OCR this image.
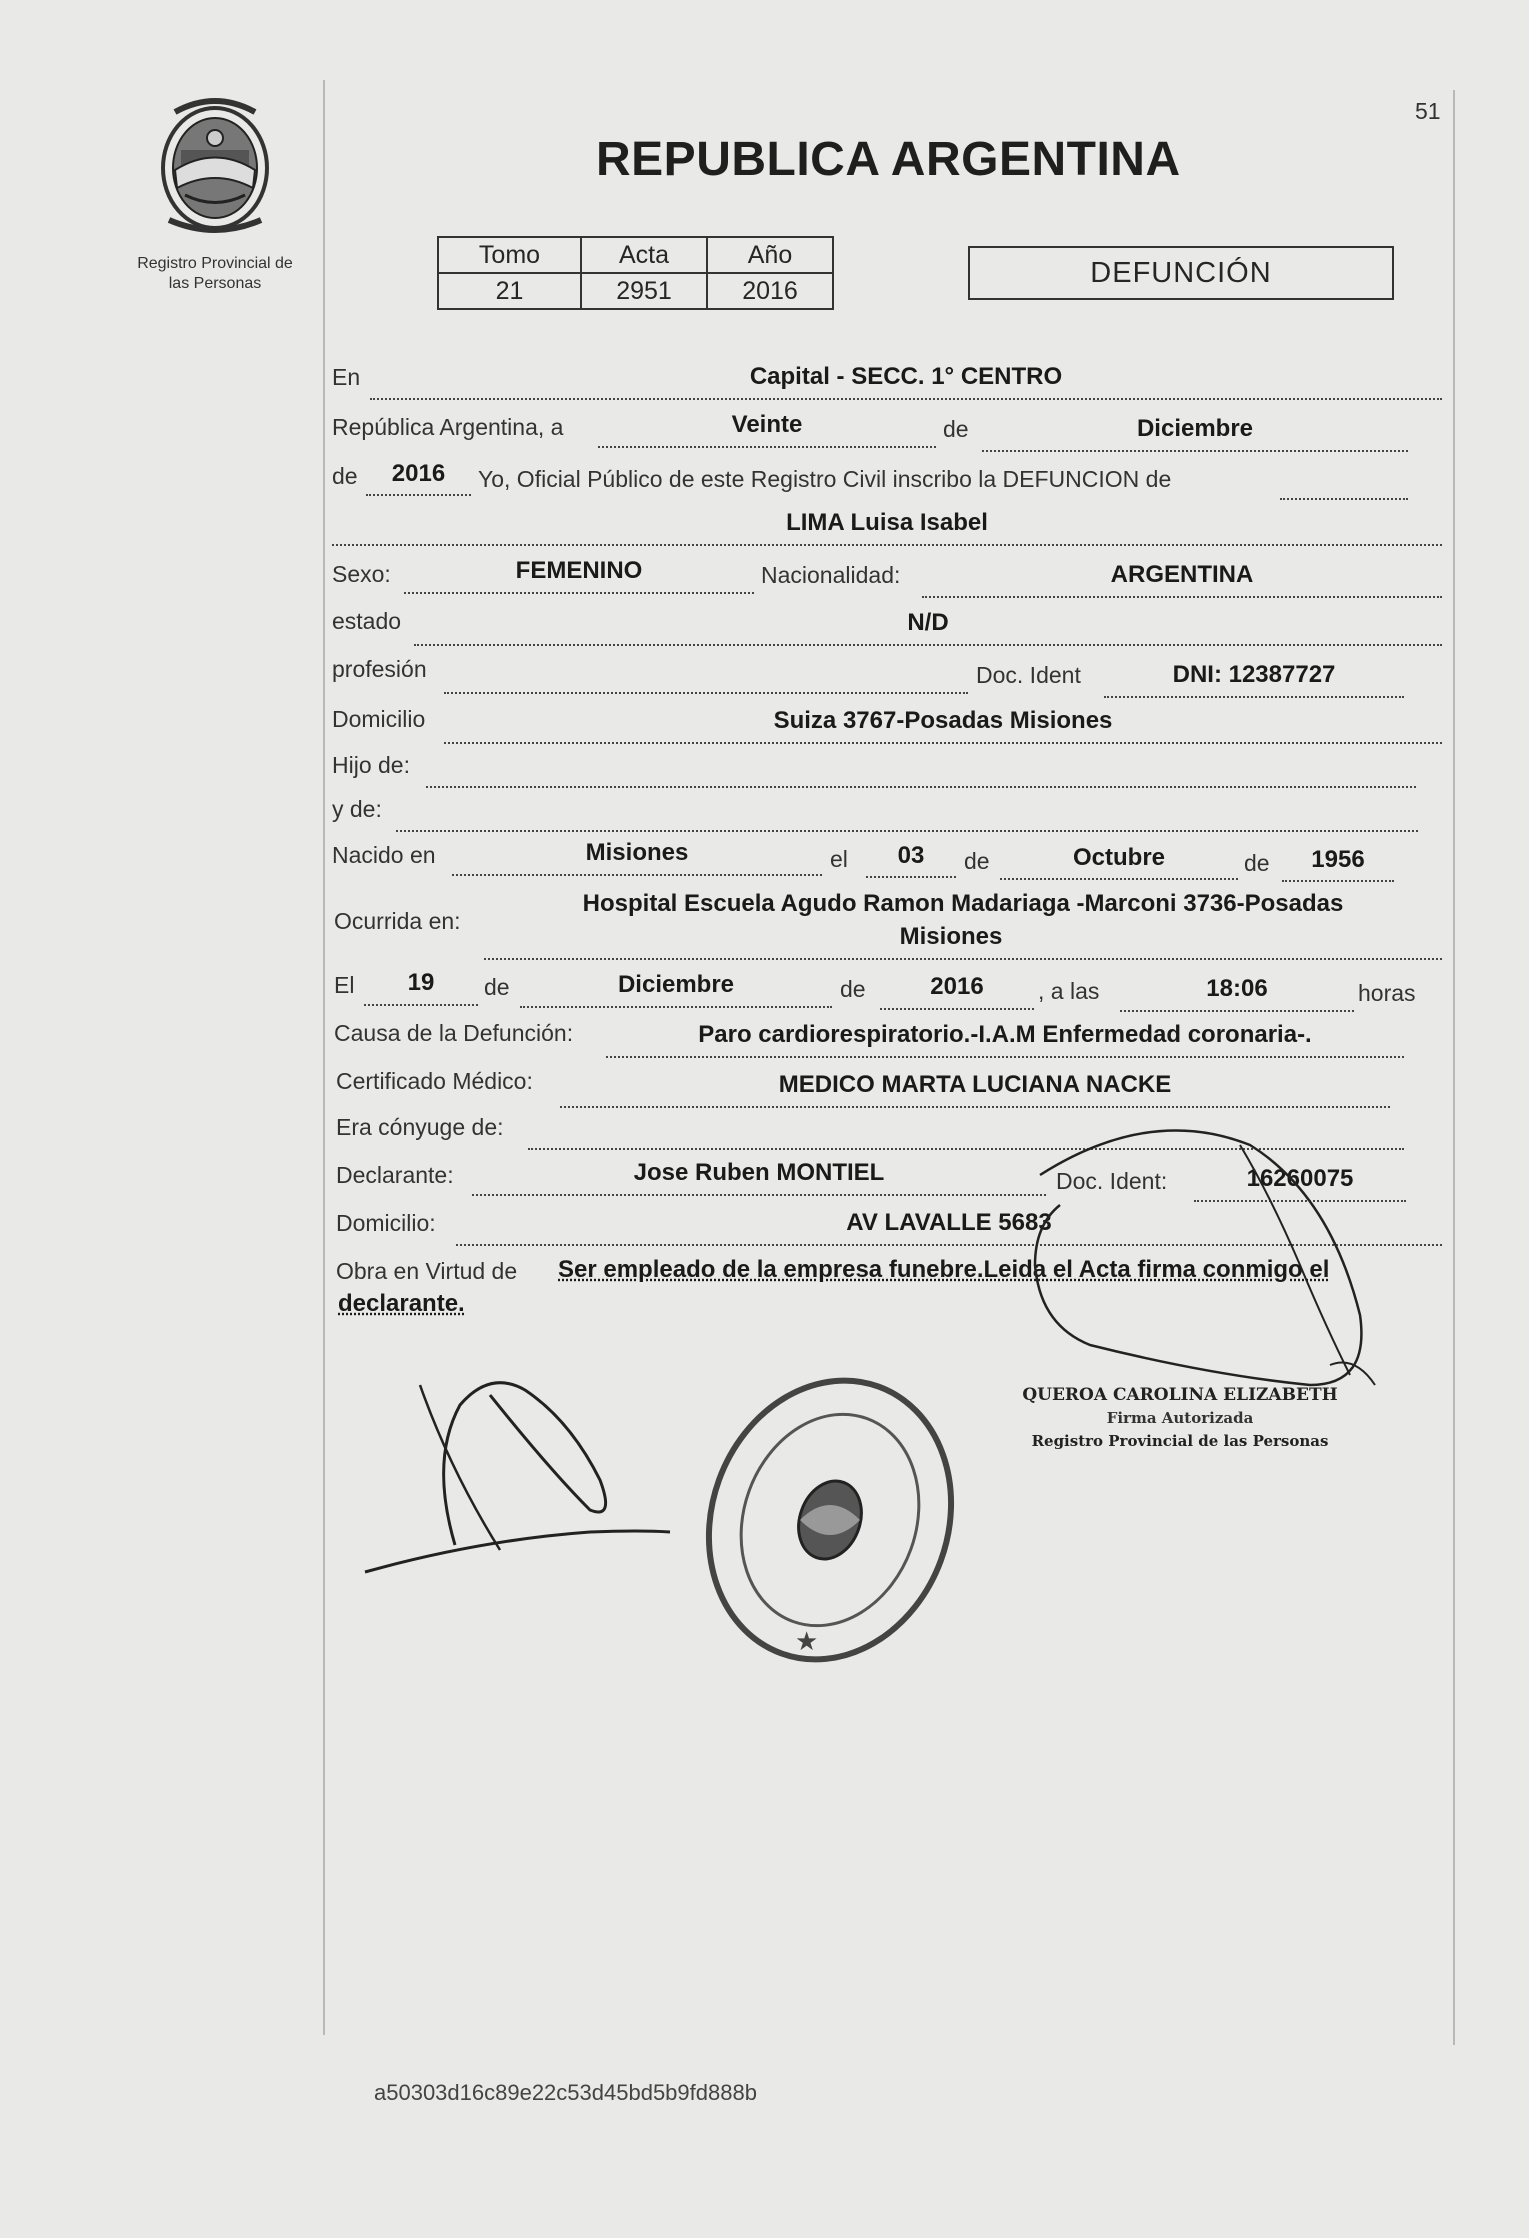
51
Registro Provincial de
las Personas
REPUBLICA ARGENTINA
Tomo	Acta	Año
21	2951	2016
DEFUNCIÓN
En	Capital - SECC. 1° CENTRO
República Argentina, a	Veinte	de	Diciembre
de	2016	Yo, Oficial Público de este Registro Civil inscribo la DEFUNCION de
LIMA Luisa Isabel
Sexo:	FEMENINO	Nacionalidad:	ARGENTINA
estado	N/D
profesión	Doc. Ident	DNI: 12387727
Domicilio	Suiza 3767-Posadas Misiones
Hijo de:
y de:
Nacido en	Misiones	el	03	de	Octubre	de	1956
Ocurrida en:
Hospital Escuela Agudo Ramon Madariaga -Marconi 3736-Posadas
Misiones
El	19	de	Diciembre	de	2016	, a las	18:06	horas
Causa de la Defunción:	Paro cardiorespiratorio.-I.A.M Enfermedad coronaria-.
Certificado Médico:	MEDICO MARTA LUCIANA NACKE
Era cónyuge de:
Declarante:	Jose Ruben MONTIEL	Doc. Ident:	16260075
Domicilio:	AV LAVALLE 5683
Obra en Virtud de Ser empleado de la empresa funebre.Leida el Acta firma conmigo el
declarante.
★
QUEROA CAROLINA ELIZABETH
Firma Autorizada
Registro Provincial de las Personas
a50303d16c89e22c53d45bd5b9fd888b
